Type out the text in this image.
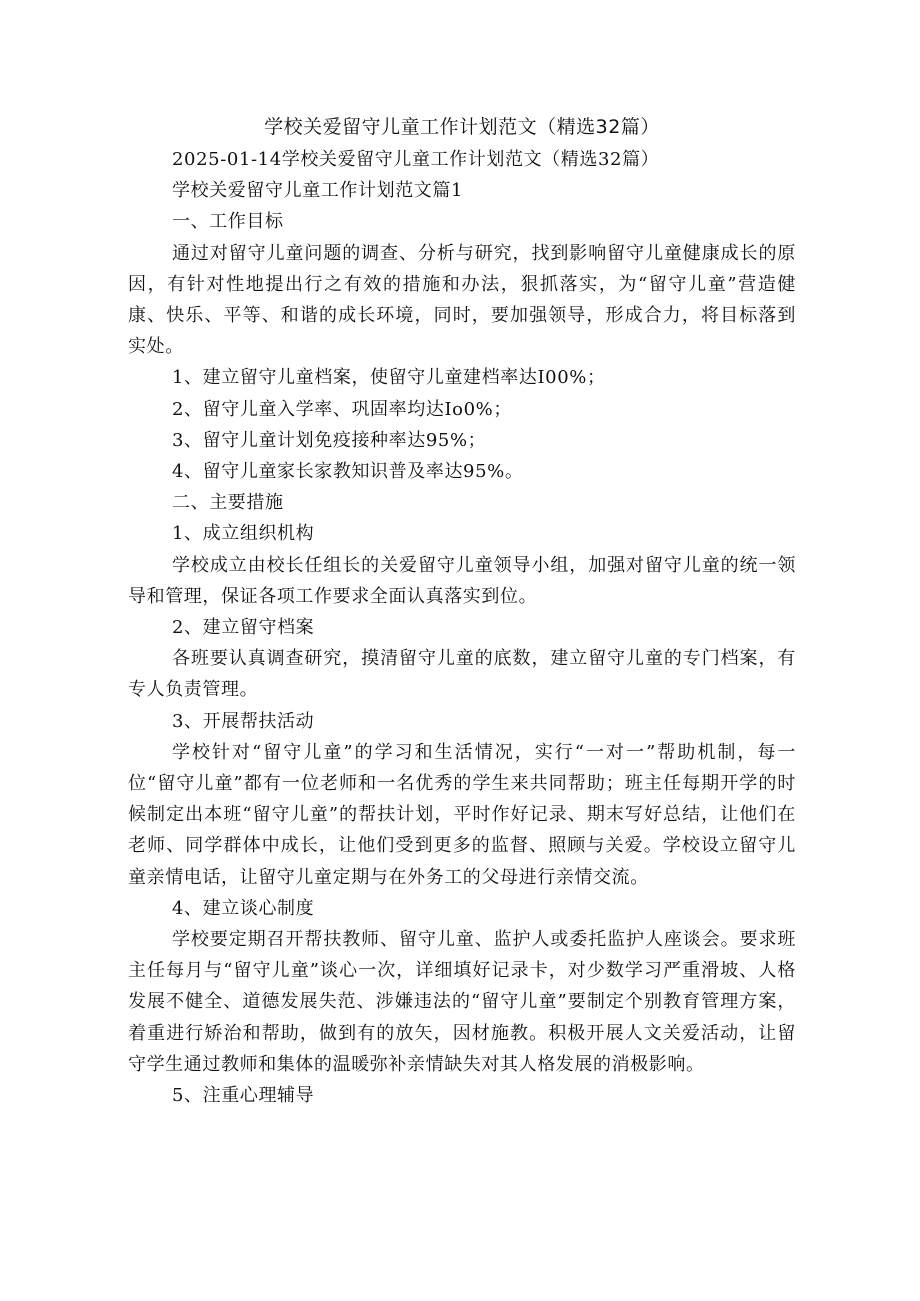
学校关爱留守儿童工作计划范文（精选32篇）

2025-01-14学校关爱留守儿童工作计划范文（精选32篇）

学校关爱留守儿童工作计划范文篇1

一、工作目标

通过对留守儿童问题的调查、分析与研究，找到影响留守儿童健康成长的原因，有针对性地提出行之有效的措施和办法，狠抓落实，为“留守儿童”营造健康、快乐、平等、和谐的成长环境，同时，要加强领导，形成合力，将目标落到实处。

1、建立留守儿童档案，使留守儿童建档率达I00%；

2、留守儿童入学率、巩固率均达Io0%；

3、留守儿童计划免疫接种率达95%；

4、留守儿童家长家教知识普及率达95%。

二、主要措施

1、成立组织机构

学校成立由校长任组长的关爱留守儿童领导小组，加强对留守儿童的统一领导和管理，保证各项工作要求全面认真落实到位。

2、建立留守档案

各班要认真调查研究，摸清留守儿童的底数，建立留守儿童的专门档案，有专人负责管理。

3、开展帮扶活动

学校针对“留守儿童”的学习和生活情况，实行“一对一”帮助机制，每一位“留守儿童”都有一位老师和一名优秀的学生来共同帮助；班主任每期开学的时候制定出本班“留守儿童”的帮扶计划，平时作好记录、期末写好总结，让他们在老师、同学群体中成长，让他们受到更多的监督、照顾与关爱。学校设立留守儿童亲情电话，让留守儿童定期与在外务工的父母进行亲情交流。

4、建立谈心制度

学校要定期召开帮扶教师、留守儿童、监护人或委托监护人座谈会。要求班主任每月与“留守儿童”谈心一次，详细填好记录卡，对少数学习严重滑坡、人格发展不健全、道德发展失范、涉嫌违法的“留守儿童”要制定个别教育管理方案，着重进行矫治和帮助，做到有的放矢，因材施教。积极开展人文关爱活动，让留守学生通过教师和集体的温暖弥补亲情缺失对其人格发展的消极影响。

5、注重心理辅导
